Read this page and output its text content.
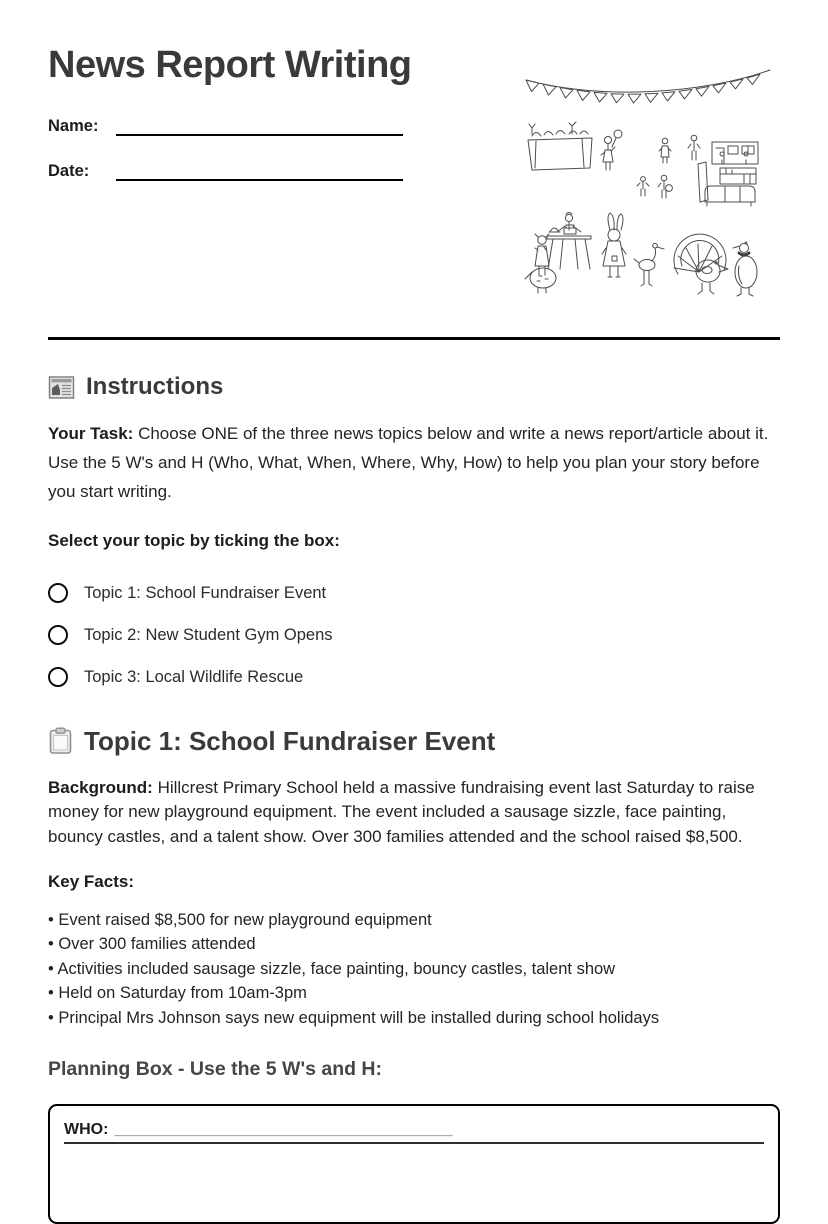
News Report Writing
Name:
Date:
Instructions

Your Task: Choose ONE of the three news topics below and write a news report/article about it. Use the 5 W's and H (Who, What, When, Where, Why, How) to help you plan your story before you start writing.

Select your topic by ticking the box:

Topic 1: School Fundraiser Event
Topic 2: New Student Gym Opens
Topic 3: Local Wildlife Rescue
Topic 1: School Fundraiser Event

Background: Hillcrest Primary School held a massive fundraising event last Saturday to raise money for new playground equipment. The event included a sausage sizzle, face painting, bouncy castles, and a talent show. Over 300 families attended and the school raised $8,500.

Key Facts:

• Event raised $8,500 for new playground equipment
• Over 300 families attended
• Activities included sausage sizzle, face painting, bouncy castles, talent show
• Held on Saturday from 10am-3pm
• Principal Mrs Johnson says new equipment will be installed during school holidays
Planning Box - Use the 5 W's and H:
WHO: ______________________________________
